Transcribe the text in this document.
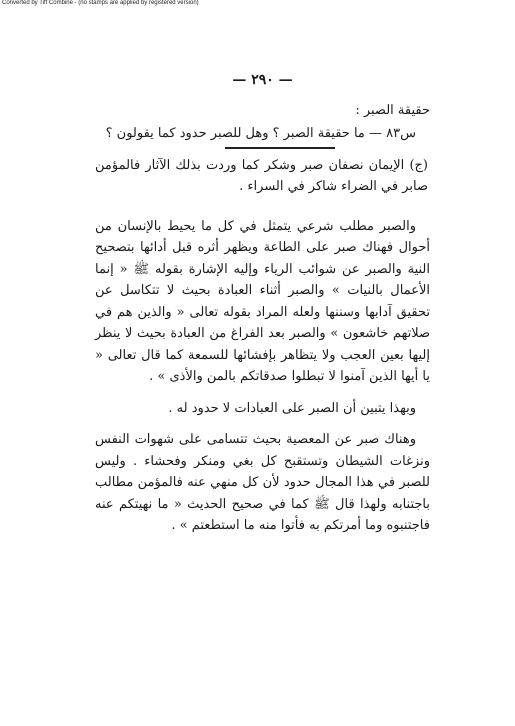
Converted by Tiff Combine - (no stamps are applied by registered version)
— ٢٩٠ —
حقيقة الصبر :
س٨٣ — ما حقيقة الصبر ؟ وهل للصبر حدود كما يقولون ؟

(ج) الإيمان نصفان صبر وشكر كما وردت بذلك الآثار فالمؤمن صابر في الضراء شاكر في السراء .

والصبر مطلب شرعي يتمثل في كل ما يحيط بالإنسان من أحوال فهناك صبر على الطاعة ويظهر أثره قبل أدائها بتصحيح النية والصبر عن شوائب الرياء وإليه الإشارة بقوله ﷺ « إنما الأعمال بالنيات » والصبر أثناء العبادة بحيث لا تتكاسل عن تحقيق آدابها وسننها ولعله المراد بقوله تعالى « والذين هم في صلاتهم خاشعون » والصبر بعد الفراغ من العبادة بحيث لا ينظر إليها بعين العجب ولا يتظاهر بإفشائها للسمعة كما قال تعالى « يا أيها الذين آمنوا لا تبطلوا صدقاتكم بالمن والأذى » .

وبهذا يتبين أن الصبر على العبادات لا حدود له .

وهناك صبر عن المعصية بحيث تتسامى على شهوات النفس ونزغات الشيطان وتستقبح كل بغي ومنكر وفحشاء . وليس للصبر في هذا المجال حدود لأن كل منهي عنه فالمؤمن مطالب باجتنابه ولهذا قال ﷺ كما في صحيح الحديث « ما نهيتكم عنه فاجتنبوه وما أمرتكم به فأتوا منه ما استطعتم » .
